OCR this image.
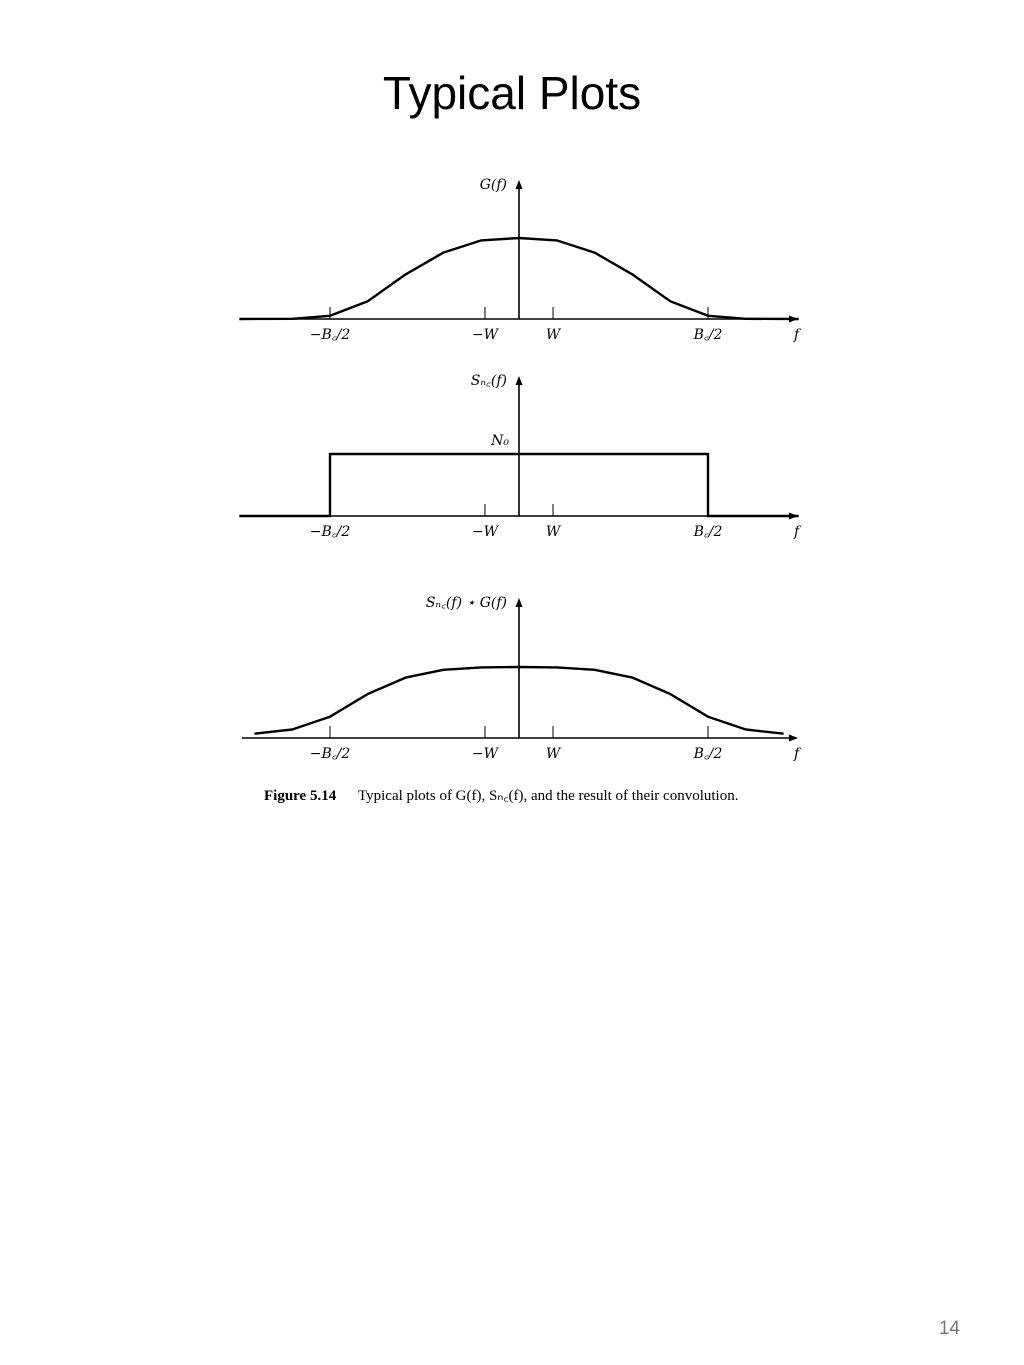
Typical Plots
f
G(f)
−B꜀/2	−W	W	B꜀/2
f
Sₙ꜀(f)
−B꜀/2	−W	W	B꜀/2
N₀
f
Sₙ꜀(f) ⋆ G(f)
−B꜀/2	−W	W	B꜀/2
Figure 5.14 Typical plots of G(f), Sₙ꜀(f), and the result of their convolution.
14
